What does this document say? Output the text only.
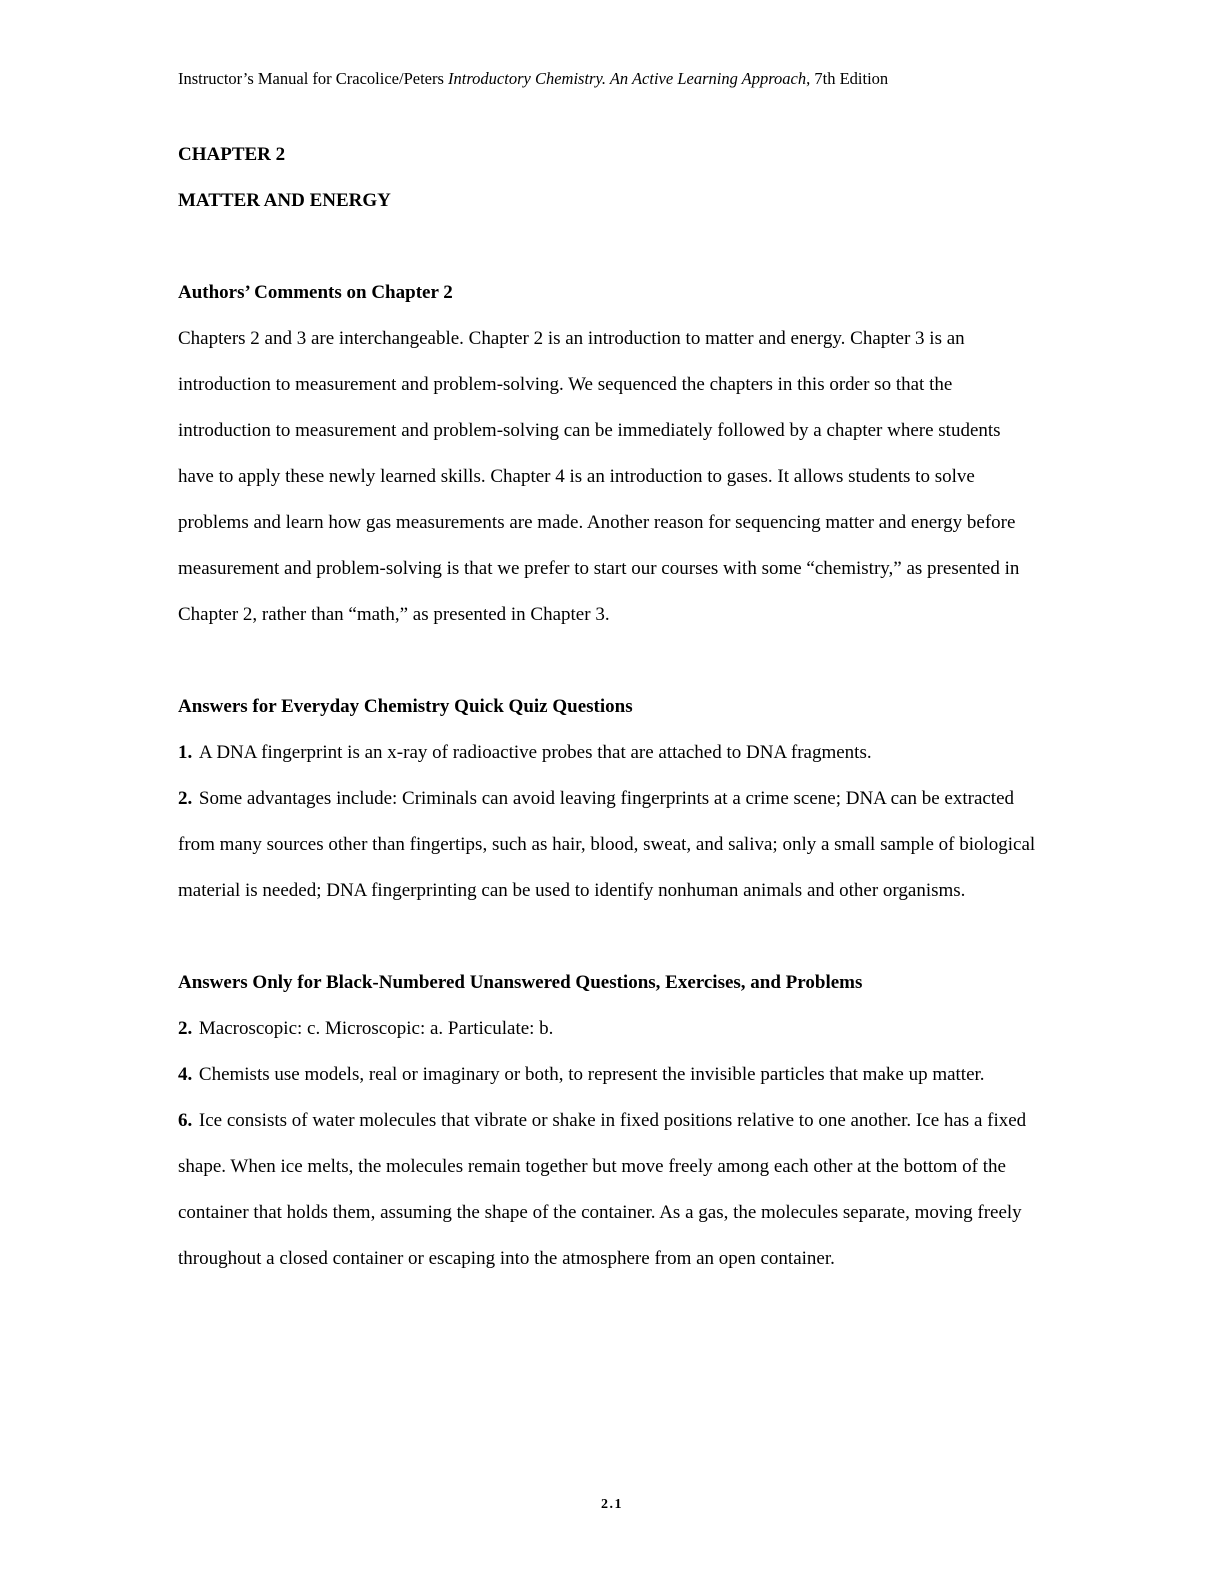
Instructor’s Manual for Cracolice/Peters Introductory Chemistry. An Active Learning Approach, 7th Edition

CHAPTER 2

MATTER AND ENERGY

Authors’ Comments on Chapter 2

Chapters 2 and 3 are interchangeable. Chapter 2 is an introduction to matter and energy. Chapter 3 is an introduction to measurement and problem-solving. We sequenced the chapters in this order so that the introduction to measurement and problem-solving can be immediately followed by a chapter where students have to apply these newly learned skills. Chapter 4 is an introduction to gases. It allows students to solve problems and learn how gas measurements are made. Another reason for sequencing matter and energy before measurement and problem-solving is that we prefer to start our courses with some “chemistry,” as presented in Chapter 2, rather than “math,” as presented in Chapter 3.

Answers for Everyday Chemistry Quick Quiz Questions

1. A DNA fingerprint is an x-ray of radioactive probes that are attached to DNA fragments.

2. Some advantages include: Criminals can avoid leaving fingerprints at a crime scene; DNA can be extracted from many sources other than fingertips, such as hair, blood, sweat, and saliva; only a small sample of biological material is needed; DNA fingerprinting can be used to identify nonhuman animals and other organisms.

Answers Only for Black-Numbered Unanswered Questions, Exercises, and Problems

2. Macroscopic: c. Microscopic: a. Particulate: b.

4. Chemists use models, real or imaginary or both, to represent the invisible particles that make up matter.

6. Ice consists of water molecules that vibrate or shake in fixed positions relative to one another. Ice has a fixed shape. When ice melts, the molecules remain together but move freely among each other at the bottom of the container that holds them, assuming the shape of the container. As a gas, the molecules separate, moving freely throughout a closed container or escaping into the atmosphere from an open container.

2.1
